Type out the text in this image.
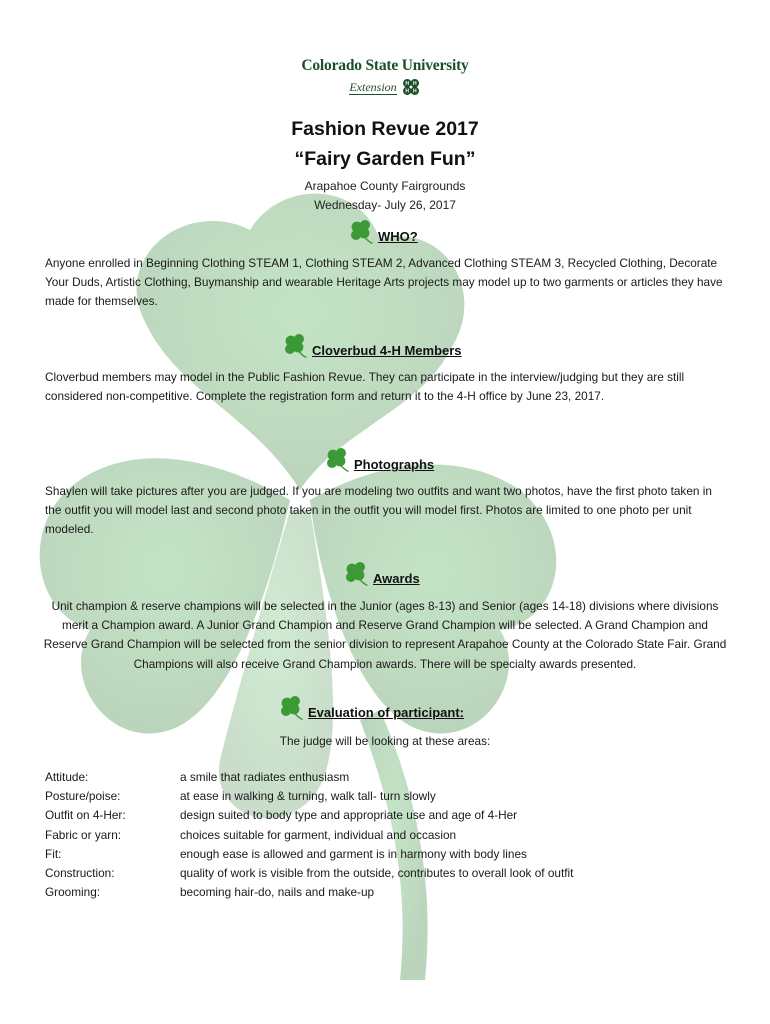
Colorado State University
Extension H H
H H
Fashion Revue 2017
“Fairy Garden Fun”
Arapahoe County Fairgrounds
Wednesday- July 26, 2017
WHO?
Anyone enrolled in Beginning Clothing STEAM 1, Clothing STEAM 2, Advanced Clothing STEAM 3, Recycled Clothing, Decorate Your Duds, Artistic Clothing, Buymanship and wearable Heritage Arts projects may model up to two garments or articles they have made for themselves.
Cloverbud 4-H Members
Cloverbud members may model in the Public Fashion Revue. They can participate in the interview/judging but they are still considered non-competitive. Complete the registration form and return it to the 4-H office by June 23, 2017.
Photographs
Shaylen will take pictures after you are judged. If you are modeling two outfits and want two photos, have the first photo taken in the outfit you will model last and second photo taken in the outfit you will model first. Photos are limited to one photo per unit modeled.
Awards
Unit champion & reserve champions will be selected in the Junior (ages 8-13) and Senior (ages 14-18) divisions where divisions merit a Champion award. A Junior Grand Champion and Reserve Grand Champion will be selected. A Grand Champion and Reserve Grand Champion will be selected from the senior division to represent Arapahoe County at the Colorado State Fair. Grand Champions will also receive Grand Champion awards. There will be specialty awards presented.
Evaluation of participant:
The judge will be looking at these areas:
Attitude:	a smile that radiates enthusiasm
Posture/poise:	at ease in walking & turning, walk tall- turn slowly
Outfit on 4-Her:	design suited to body type and appropriate use and age of 4-Her
Fabric or yarn:	choices suitable for garment, individual and occasion
Fit:	enough ease is allowed and garment is in harmony with body lines
Construction:	quality of work is visible from the outside, contributes to overall look of outfit
Grooming:	becoming hair-do, nails and make-up
